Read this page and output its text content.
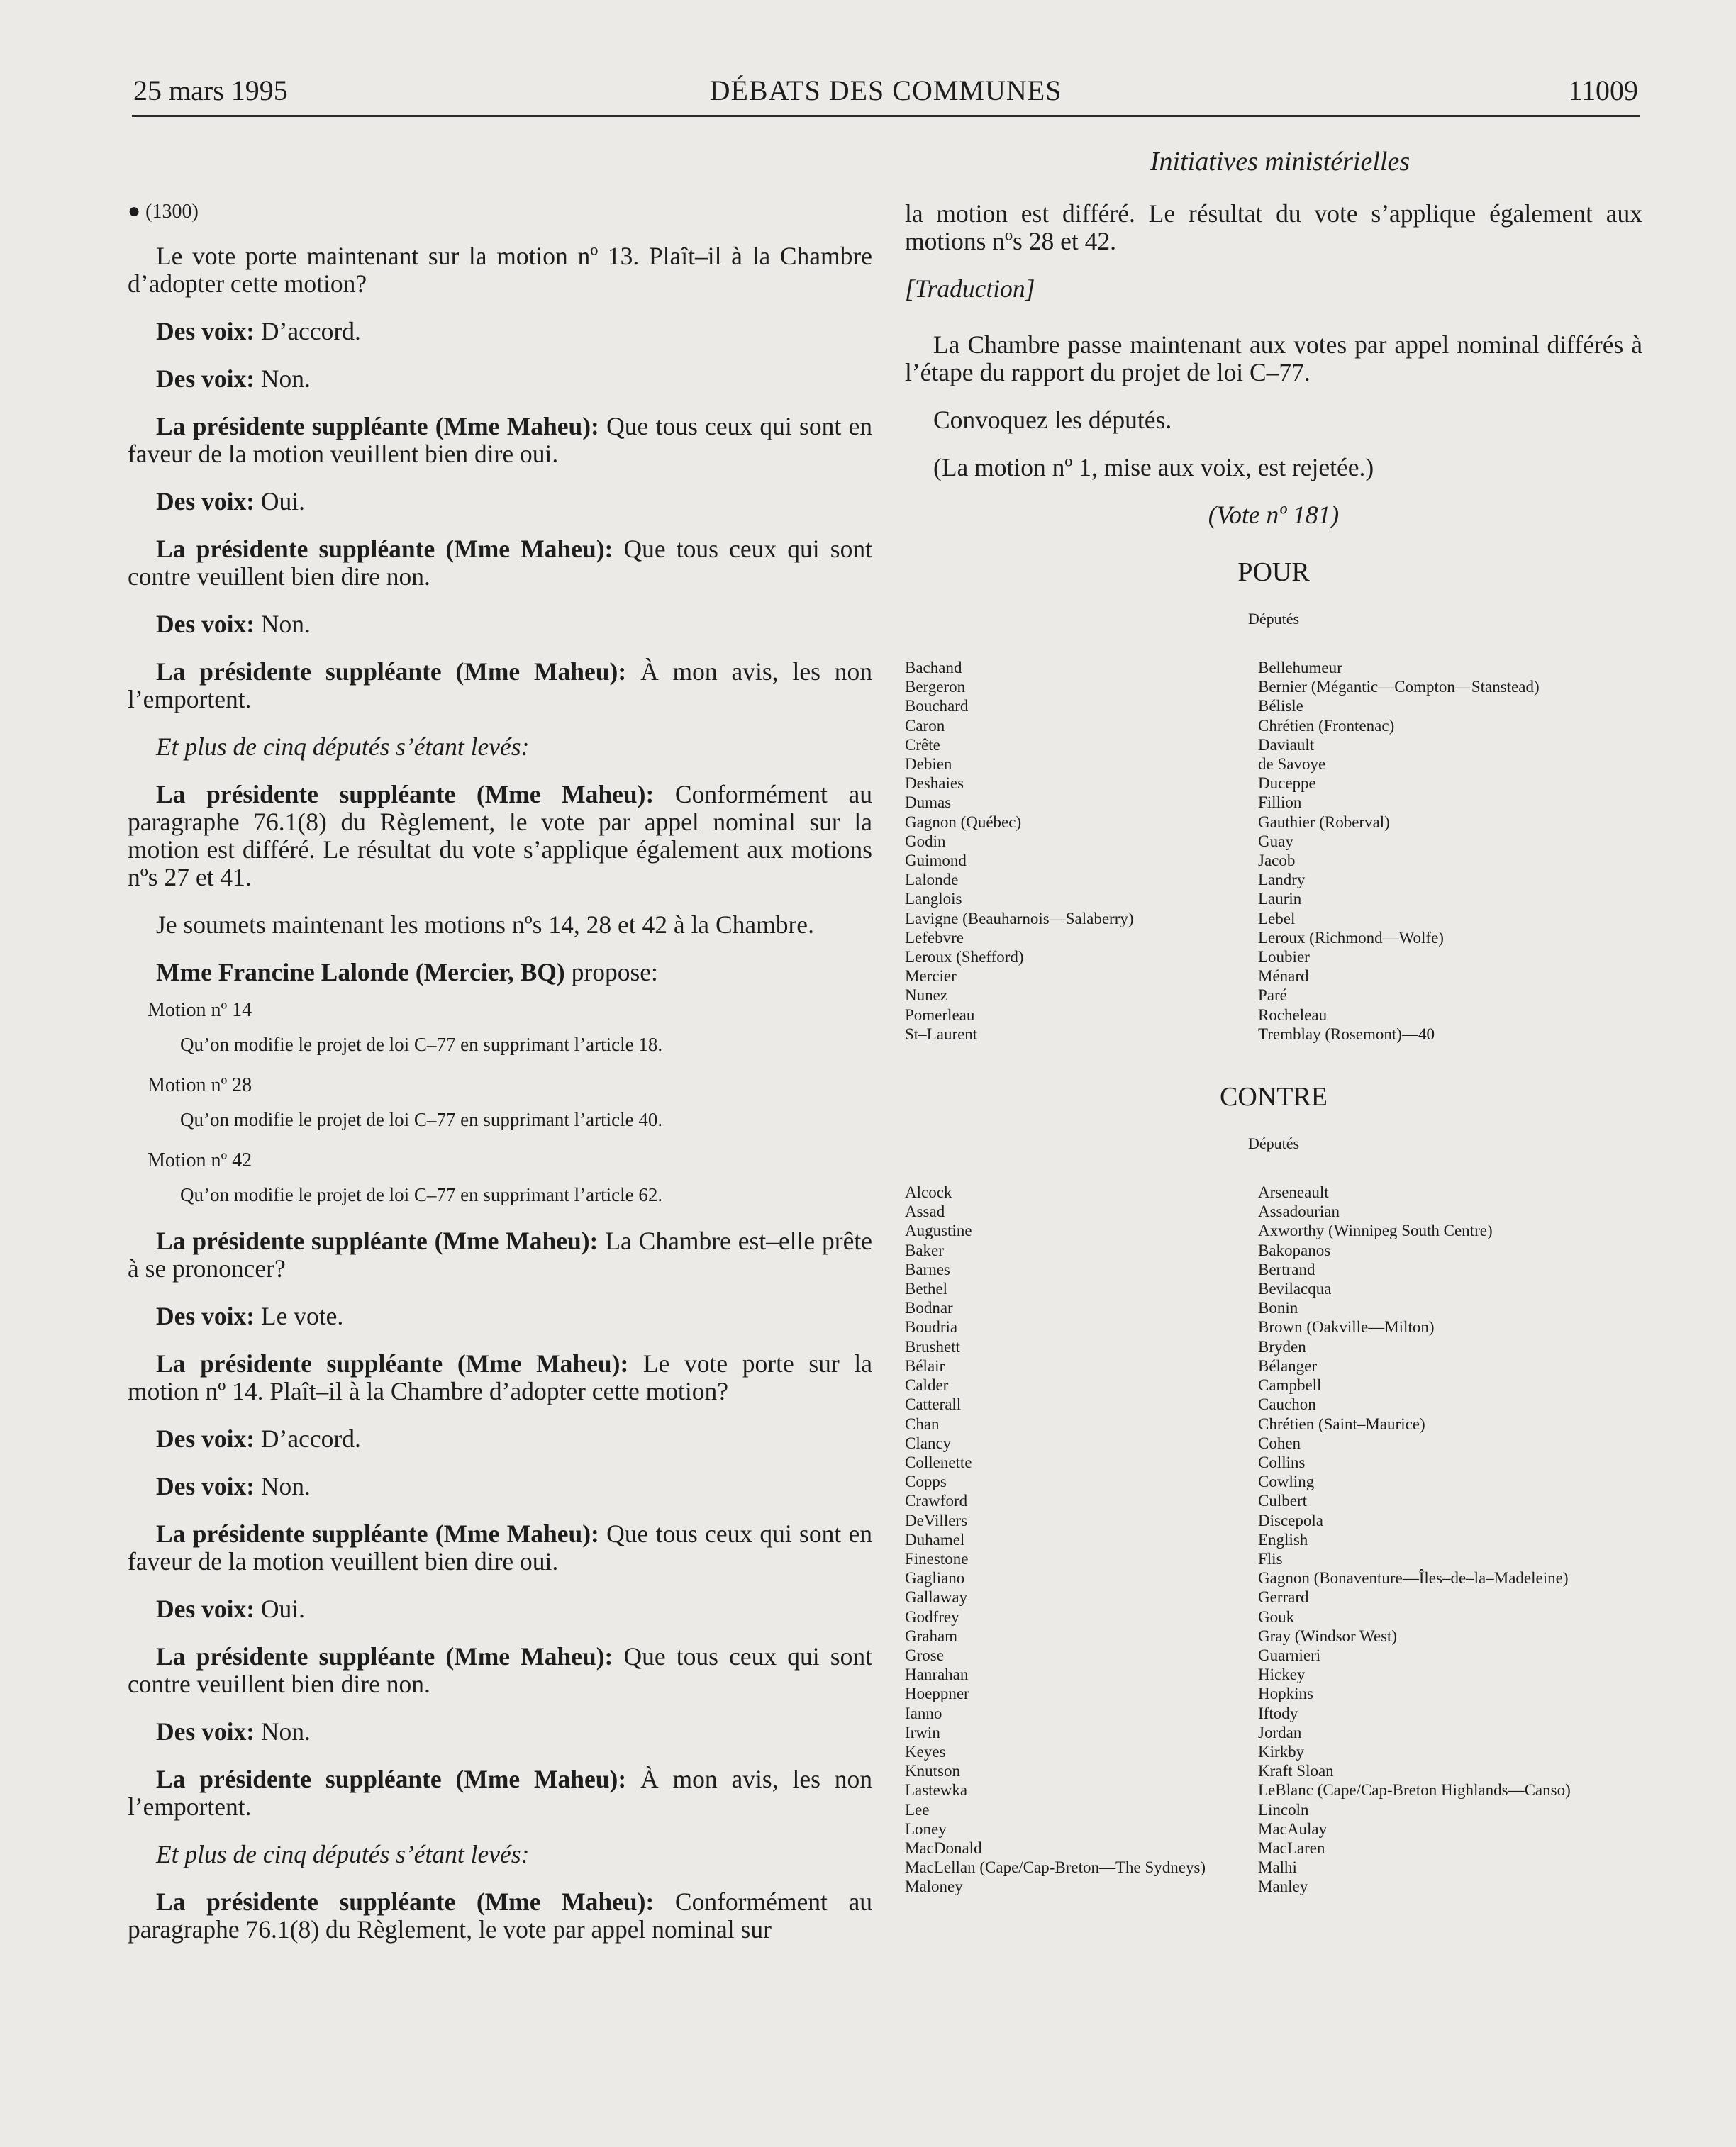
25 mars 1995	DÉBATS DES COMMUNES	11009
Initiatives ministérielles
● (1300)

Le vote porte maintenant sur la motion nº 13. Plaît–il à la Chambre d’adopter cette motion?

Des voix: D’accord.

Des voix: Non.

La présidente suppléante (Mme Maheu): Que tous ceux qui sont en faveur de la motion veuillent bien dire oui.

Des voix: Oui.

La présidente suppléante (Mme Maheu): Que tous ceux qui sont contre veuillent bien dire non.

Des voix: Non.

La présidente suppléante (Mme Maheu): À mon avis, les non l’emportent.

Et plus de cinq députés s’étant levés:

La présidente suppléante (Mme Maheu): Conformément au paragraphe 76.1(8) du Règlement, le vote par appel nominal sur la motion est différé. Le résultat du vote s’applique également aux motions nºs 27 et 41.

Je soumets maintenant les motions nºs 14, 28 et 42 à la Chambre.

Mme Francine Lalonde (Mercier, BQ) propose:

Motion nº 14
Qu’on modifie le projet de loi C–77 en supprimant l’article 18.
Motion nº 28
Qu’on modifie le projet de loi C–77 en supprimant l’article 40.
Motion nº 42
Qu’on modifie le projet de loi C–77 en supprimant l’article 62.

La présidente suppléante (Mme Maheu): La Chambre est–elle prête à se prononcer?

Des voix: Le vote.

La présidente suppléante (Mme Maheu): Le vote porte sur la motion nº 14. Plaît–il à la Chambre d’adopter cette motion?

Des voix: D’accord.

Des voix: Non.

La présidente suppléante (Mme Maheu): Que tous ceux qui sont en faveur de la motion veuillent bien dire oui.

Des voix: Oui.

La présidente suppléante (Mme Maheu): Que tous ceux qui sont contre veuillent bien dire non.

Des voix: Non.

La présidente suppléante (Mme Maheu): À mon avis, les non l’emportent.

Et plus de cinq députés s’étant levés:

La présidente suppléante (Mme Maheu): Conformément au paragraphe 76.1(8) du Règlement, le vote par appel nominal sur

la motion est différé. Le résultat du vote s’applique également aux motions nºs 28 et 42.

[Traduction]

La Chambre passe maintenant aux votes par appel nominal différés à l’étape du rapport du projet de loi C–77.

Convoquez les députés.

(La motion nº 1, mise aux voix, est rejetée.)

(Vote nº 181)
POUR
Députés
Bachand
Bergeron
Bouchard
Caron
Crête
Debien
Deshaies
Dumas
Gagnon (Québec)
Godin
Guimond
Lalonde
Langlois
Lavigne (Beauharnois—Salaberry)
Lefebvre
Leroux (Shefford)
Mercier
Nunez
Pomerleau
St–Laurent
Bellehumeur
Bernier (Mégantic—Compton—Stanstead)
Bélisle
Chrétien (Frontenac)
Daviault
de Savoye
Duceppe
Fillion
Gauthier (Roberval)
Guay
Jacob
Landry
Laurin
Lebel
Leroux (Richmond—Wolfe)
Loubier
Ménard
Paré
Rocheleau
Tremblay (Rosemont)—40
CONTRE
Députés
Alcock
Assad
Augustine
Baker
Barnes
Bethel
Bodnar
Boudria
Brushett
Bélair
Calder
Catterall
Chan
Clancy
Collenette
Copps
Crawford
DeVillers
Duhamel
Finestone
Gagliano
Gallaway
Godfrey
Graham
Grose
Hanrahan
Hoeppner
Ianno
Irwin
Keyes
Knutson
Lastewka
Lee
Loney
MacDonald
MacLellan (Cape/Cap-Breton—The Sydneys)
Maloney
Arseneault
Assadourian
Axworthy (Winnipeg South Centre)
Bakopanos
Bertrand
Bevilacqua
Bonin
Brown (Oakville—Milton)
Bryden
Bélanger
Campbell
Cauchon
Chrétien (Saint–Maurice)
Cohen
Collins
Cowling
Culbert
Discepola
English
Flis
Gagnon (Bonaventure—Îles–de–la–Madeleine)
Gerrard
Gouk
Gray (Windsor West)
Guarnieri
Hickey
Hopkins
Iftody
Jordan
Kirkby
Kraft Sloan
LeBlanc (Cape/Cap-Breton Highlands—Canso)
Lincoln
MacAulay
MacLaren
Malhi
Manley
